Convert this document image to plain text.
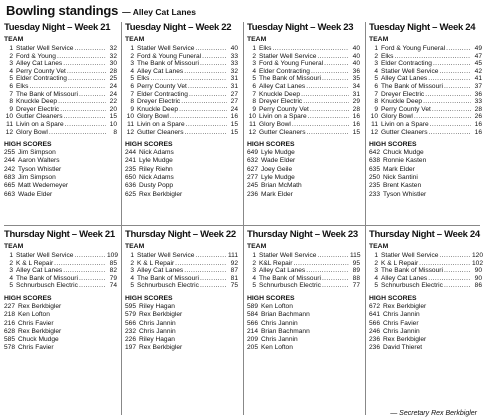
Bowling standings — Alley Cat Lanes
Tuesday Night – Week 21
TEAM
1 Statler Well Service .....	32
2 Ford & Young .....	32
3 Alley Cat Lanes .....	30
4 Perry County Vet .....	28
5 Elder Contracting .....	25
6 Elks .....	24
7 The Bank of Missouri .....	24
8 Knuckle Deep .....	22
9 Dreyer Electric .....	20
10 Gutter Cleaners .....	15
11 Livin on a Spare .....	10
12 Glory Bowl .....	8
HIGH SCORES
255 Jim Simpson
244 Aaron Walters
242 Tyson Whistler
683 Jim Simpson
665 Matt Wedemeyer
663 Wade Elder
Thursday Night – Week 21
TEAM
1 Statler Well Service .....	109
2 K & L Repair .....	85
3 Alley Cat Lanes .....	82
4 The Bank of Missouri .....	79
5 Schnurbusch Electric .....	74
HIGH SCORES
227 Rex Berkbigler
218 Ken Lofton
216 Chris Favier
628 Rex Berkbigler
585 Chuck Mudge
578 Chris Favier
Tuesday Night – Week 22
TEAM
1 Statler Well Service .....	40
2 Ford & Young Funeral .....	33
3 The Bank of Missouri .....	33
4 Alley Cat Lanes .....	32
5 Elks .....	31
6 Perry County Vet .....	31
7 Elder Contracting .....	27
8 Dreyer Electric .....	27
9 Knuckle Deep .....	24
10 Glory Bowl .....	16
11 Livin on a Spare .....	15
12 Gutter Cleaners .....	15
HIGH SCORES
244 Nick Adams
241 Lyle Mudge
235 Riley Riehn
650 Nick Adams
636 Dusty Popp
625 Rex Berkbigler
Thursday Night – Week 22
TEAM
1 Statler Well Service .....	111
2 K & L Repair .....	92
3 Alley Cat Lanes .....	87
4 The Bank of Missouri .....	81
5 Schnurbusch Electric .....	75
HIGH SCORES
595 Riley Hagan
579 Rex Berkbigler
566 Chris Jannin
232 Chris Jannin
226 Riley Hagan
197 Rex Berkbigler
Tuesday Night – Week 23
TEAM
1 Elks .....	40
2 Statler Well Service .....	40
3 Ford & Young Funeral .....	40
4 Elder Contracting .....	36
5 The Bank of Missouri .....	35
6 Alley Cat Lanes .....	34
7 Knuckle Deep .....	31
8 Dreyer Electric .....	29
9 Perry County Vet .....	28
10 Livin on a Spare .....	16
11 Glory Bowl .....	16
12 Gutter Cleaners .....	15
HIGH SCORES
649 Lyle Mudge
632 Wade Elder
627 Joey Geile
277 Lyle Mudge
245 Brian McMath
236 Mark Elder
Thursday Night – Week 23
TEAM
1 Statler Well Service .....	115
2 K&L Repair .....	95
3 Alley Cat Lanes .....	89
4 The Bank of Missouri .....	88
5 Schnurbusch Electric .....	77
HIGH SCORES
589 Ken Lofton
584 Brian Bachmann
566 Chris Jannin
214 Brian Bachmann
209 Chris Jannin
205 Ken Lofton
Tuesday Night – Week 24
TEAM
1 Ford & Young Funeral .....	49
2 Elks .....	47
3 Elder Contracting .....	45
4 Statler Well Service .....	42
5 Alley Cat Lanes .....	41
6 The Bank of Missouri .....	37
7 Dreyer Electric .....	36
8 Knuckle Deep .....	33
9 Perry County Vet .....	28
10 Glory Bowl .....	26
11 Livin on a Spare .....	16
12 Gutter Cleaners .....	16
HIGH SCORES
642 Chuck Mudge
638 Ronnie Kasten
635 Mark Elder
250 Nick Santini
235 Brent Kasten
233 Tyson Whistler
Thursday Night – Week 24
TEAM
1 Statler Well Service .....	120
2 K & L Repair .....	102
3 The Bank of Missouri .....	90
4 Alley Cat Lanes .....	90
5 Schnurbusch Electric .....	86
HIGH SCORES
672 Rex Berkbigler
641 Chris Jannin
566 Chris Favier
246 Chris Jannin
236 Rex Berkbigler
236 David Thieret
— Secretary Rex Berkbigler
